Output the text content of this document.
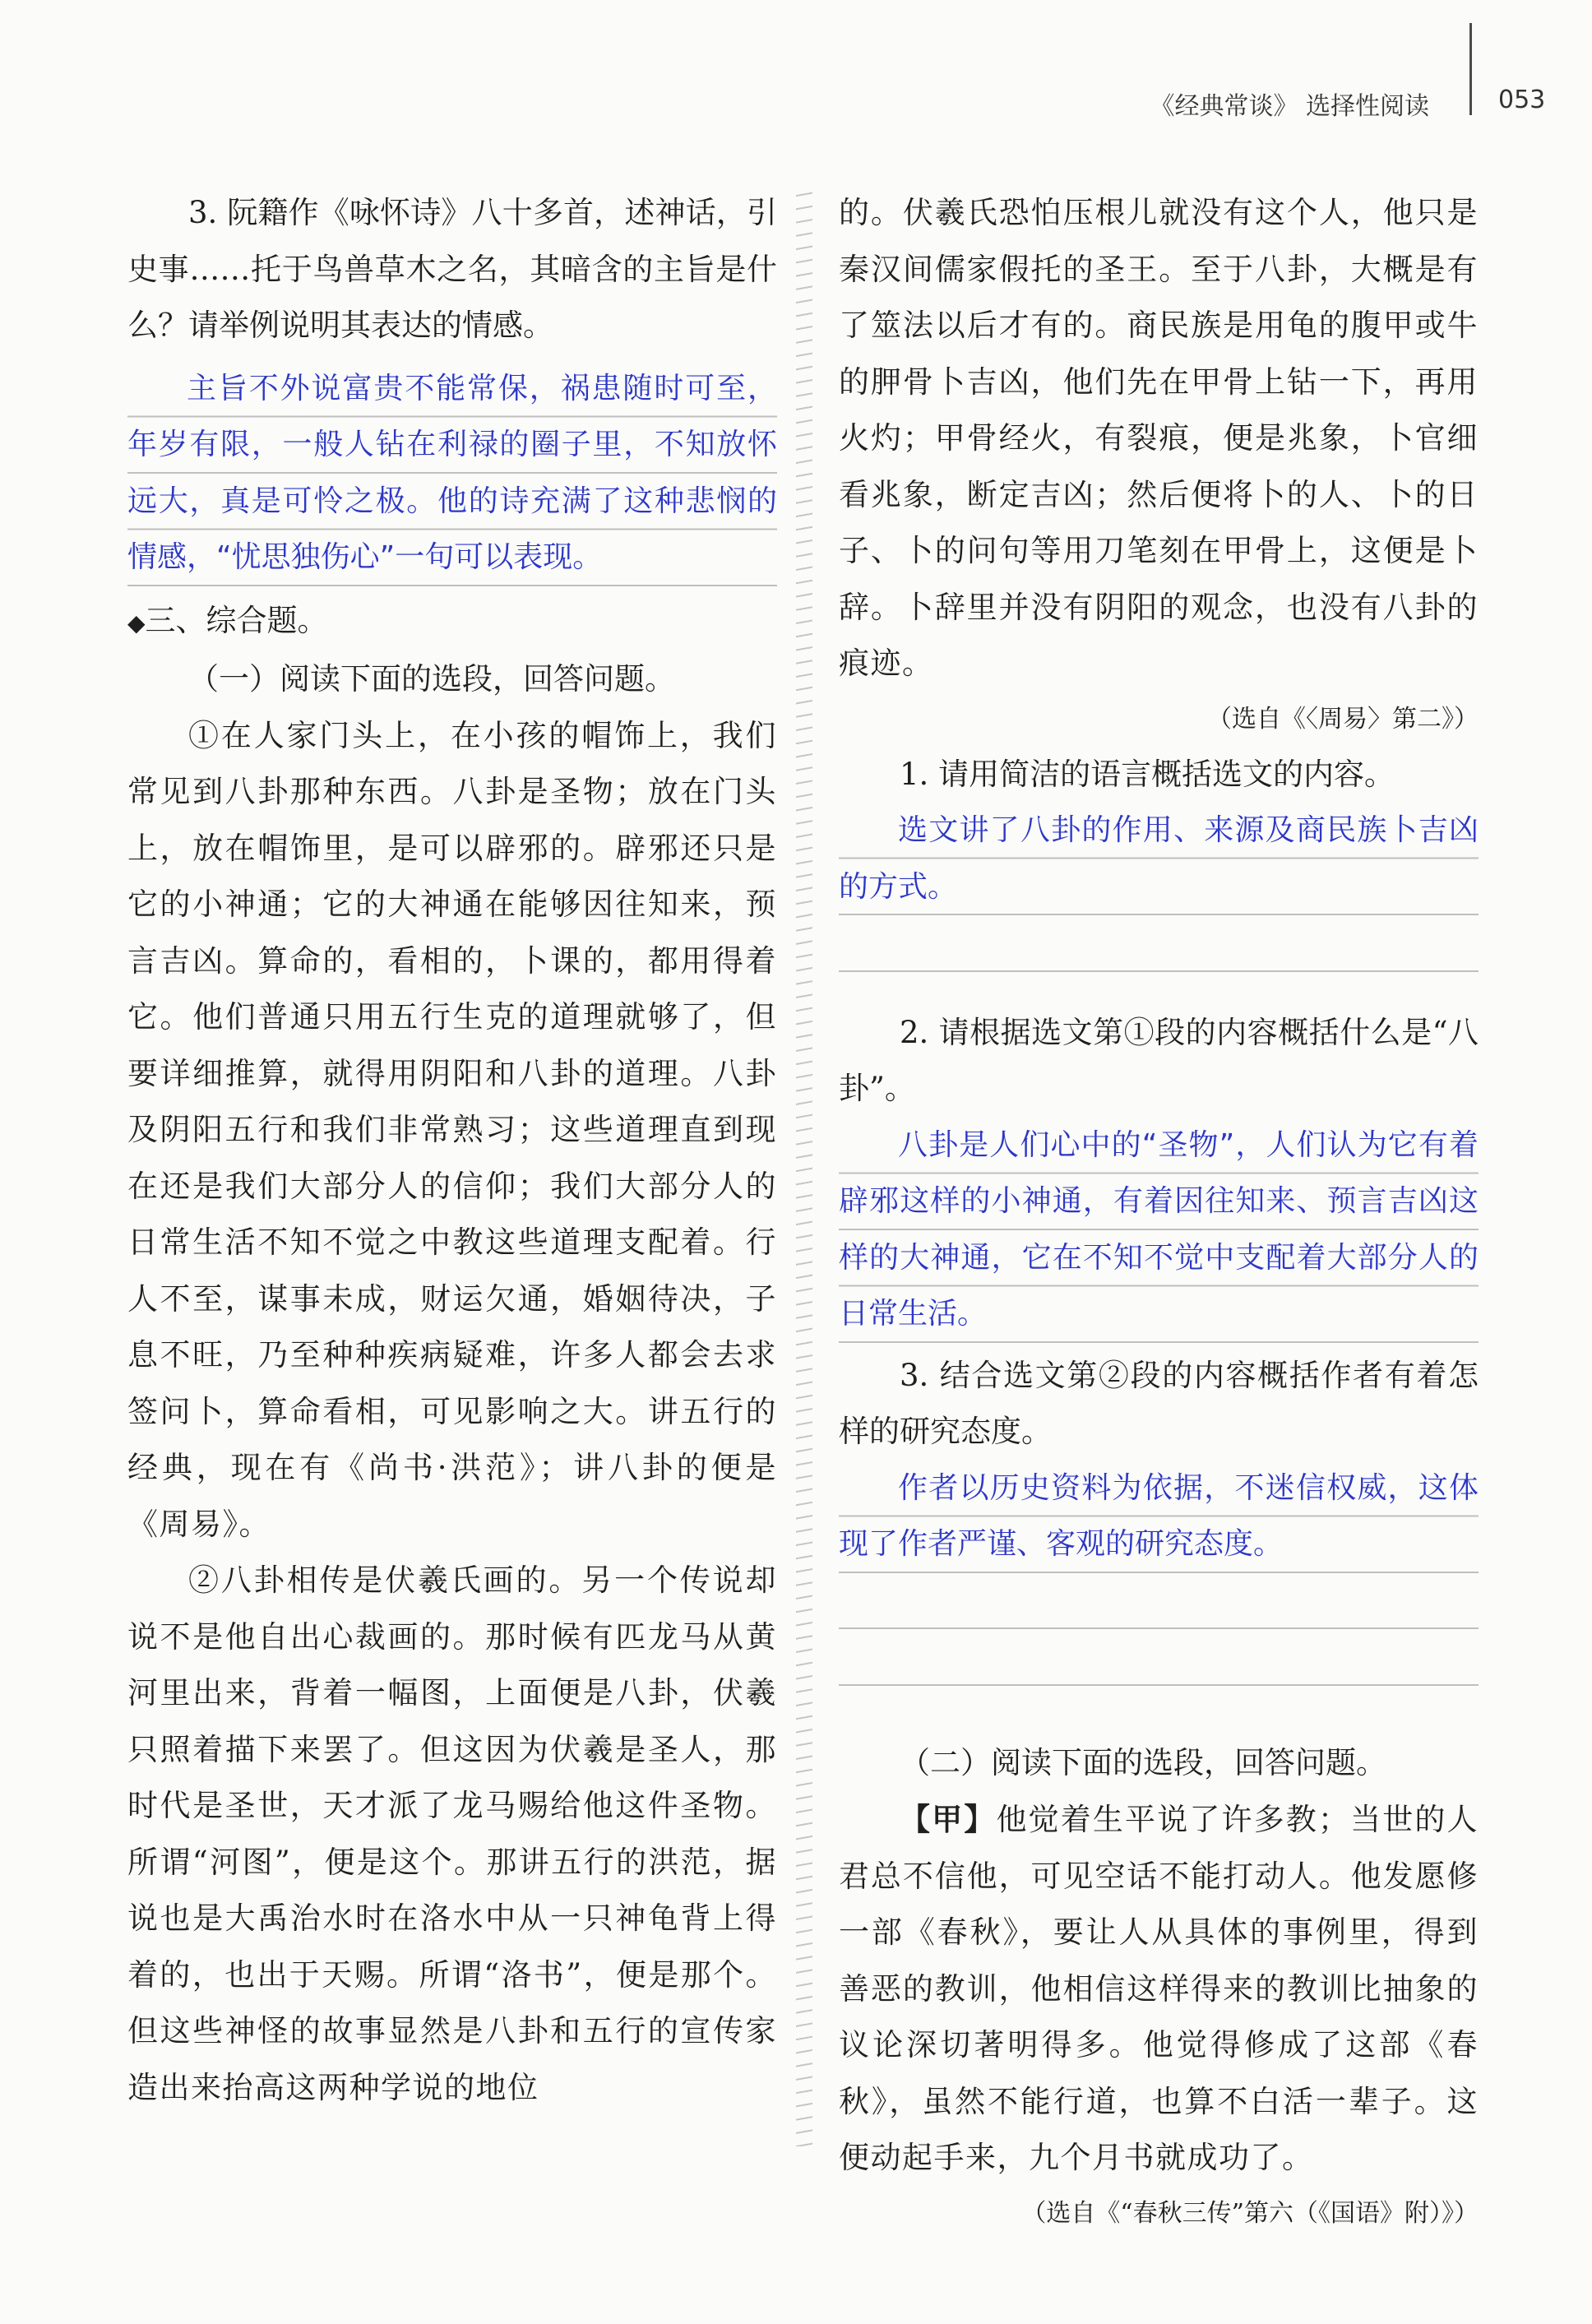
《经典常谈》 选择性阅读	053

3. 阮籍作《咏怀诗》八十多首，述神话，引史事……托于鸟兽草木之名，其暗含的主旨是什么？请举例说明其表达的情感。

主旨不外说富贵不能常保，祸患随时可至，年岁有限，一般人钻在利禄的圈子里，不知放怀远大，真是可怜之极。他的诗充满了这种悲悯的情感，“忧思独伤心”一句可以表现。

◆三、综合题。

（一）阅读下面的选段，回答问题。

①在人家门头上，在小孩的帽饰上，我们常见到八卦那种东西。八卦是圣物；放在门头上，放在帽饰里，是可以辟邪的。辟邪还只是它的小神通；它的大神通在能够因往知来，预言吉凶。算命的，看相的，卜课的，都用得着它。他们普通只用五行生克的道理就够了，但要详细推算，就得用阴阳和八卦的道理。八卦及阴阳五行和我们非常熟习；这些道理直到现在还是我们大部分人的信仰；我们大部分人的日常生活不知不觉之中教这些道理支配着。行人不至，谋事未成，财运欠通，婚姻待决，子息不旺，乃至种种疾病疑难，许多人都会去求签问卜，算命看相，可见影响之大。讲五行的经典，现在有《尚书·洪范》；讲八卦的便是《周易》。

②八卦相传是伏羲氏画的。另一个传说却说不是他自出心裁画的。那时候有匹龙马从黄河里出来，背着一幅图，上面便是八卦，伏羲只照着描下来罢了。但这因为伏羲是圣人，那时代是圣世，天才派了龙马赐给他这件圣物。所谓“河图”，便是这个。那讲五行的洪范，据说也是大禹治水时在洛水中从一只神龟背上得着的，也出于天赐。所谓“洛书”，便是那个。但这些神怪的故事显然是八卦和五行的宣传家造出来抬高这两种学说的地位

的。伏羲氏恐怕压根儿就没有这个人，他只是秦汉间儒家假托的圣王。至于八卦，大概是有了筮法以后才有的。商民族是用龟的腹甲或牛的胛骨卜吉凶，他们先在甲骨上钻一下，再用火灼；甲骨经火，有裂痕，便是兆象，卜官细看兆象，断定吉凶；然后便将卜的人、卜的日子、卜的问句等用刀笔刻在甲骨上，这便是卜辞。卜辞里并没有阴阳的观念，也没有八卦的痕迹。

（选自《〈周易〉第二》）

1. 请用简洁的语言概括选文的内容。

选文讲了八卦的作用、来源及商民族卜吉凶的方式。

2. 请根据选文第①段的内容概括什么是“八卦”。

八卦是人们心中的“圣物”，人们认为它有着辟邪这样的小神通，有着因往知来、预言吉凶这样的大神通，它在不知不觉中支配着大部分人的日常生活。

3. 结合选文第②段的内容概括作者有着怎样的研究态度。

作者以历史资料为依据，不迷信权威，这体现了作者严谨、客观的研究态度。

（二）阅读下面的选段，回答问题。

【甲】他觉着生平说了许多教；当世的人君总不信他，可见空话不能打动人。他发愿修一部《春秋》，要让人从具体的事例里，得到善恶的教训，他相信这样得来的教训比抽象的议论深切著明得多。他觉得修成了这部《春秋》，虽然不能行道，也算不白活一辈子。这便动起手来，九个月书就成功了。

（选自《“春秋三传”第六（《国语》附）》）
